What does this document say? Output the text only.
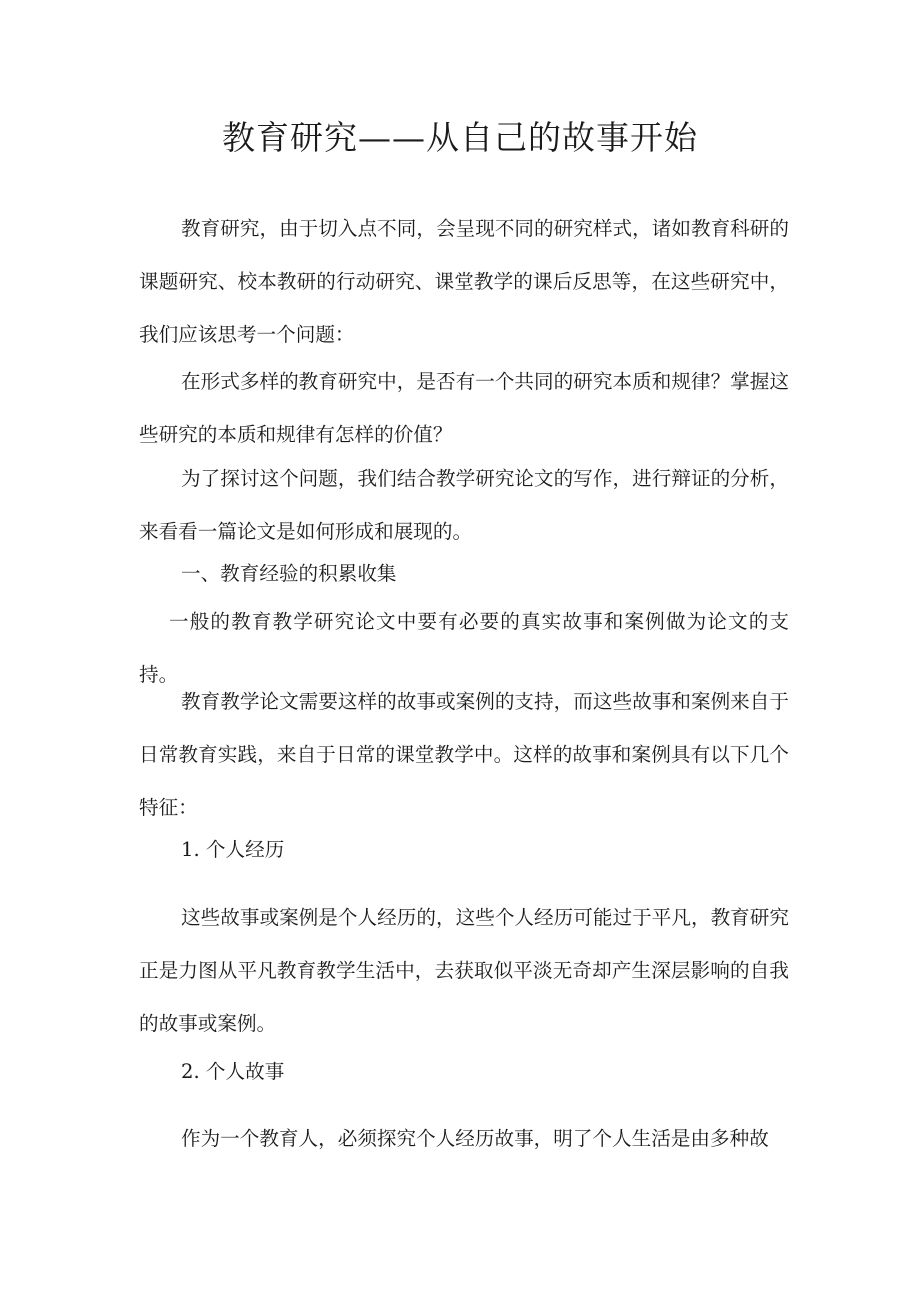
教育研究——从自己的故事开始

教育研究，由于切入点不同，会呈现不同的研究样式，诸如教育科研的课题研究、校本教研的行动研究、课堂教学的课后反思等，在这些研究中，我们应该思考一个问题：

在形式多样的教育研究中，是否有一个共同的研究本质和规律？掌握这些研究的本质和规律有怎样的价值？

为了探讨这个问题，我们结合教学研究论文的写作，进行辩证的分析，来看看一篇论文是如何形成和展现的。

一、教育经验的积累收集

一般的教育教学研究论文中要有必要的真实故事和案例做为论文的支持。

教育教学论文需要这样的故事或案例的支持，而这些故事和案例来自于日常教育实践，来自于日常的课堂教学中。这样的故事和案例具有以下几个特征：

1. 个人经历

这些故事或案例是个人经历的，这些个人经历可能过于平凡，教育研究正是力图从平凡教育教学生活中，去获取似平淡无奇却产生深层影响的自我的故事或案例。

2. 个人故事

作为一个教育人，必须探究个人经历故事，明了个人生活是由多种故
